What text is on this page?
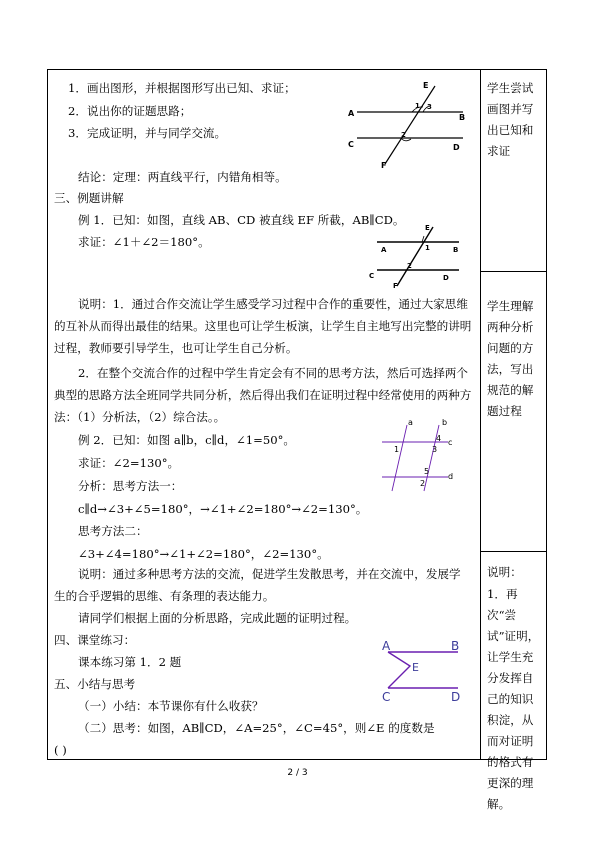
1．画出图形，并根据图形写出已知、求证；
2．说出你的证题思路；
3．完成证明，并与同学交流。
结论：定理：两直线平行，内错角相等。
三、例题讲解
例 1．已知：如图，直线 AB、CD 被直线 EF 所截，AB∥CD。
求证：∠1＋∠2＝180°。
说明：1．通过合作交流让学生感受学习过程中合作的重要性，通过大家思维的互补从而得出最佳的结果。这里也可让学生板演，让学生自主地写出完整的讲明过程，教师要引导学生，也可让学生自己分析。
2．在整个交流合作的过程中学生肯定会有不同的思考方法，然后可选择两个典型的思路方法全班同学共同分析，然后得出我们在证明过程中经常使用的两种方法：（1）分析法，（2）综合法。。
例 2．已知：如图 a∥b，c∥d，∠1=50°。
求证：∠2=130°。
分析：思考方法一：
c∥d→∠3+∠5=180°，→∠1+∠2=180°→∠2=130°。
思考方法二：
∠3+∠4=180°→∠1+∠2=180°，∠2=130°。
说明：通过多种思考方法的交流，促进学生发散思考，并在交流中，发展学生的合乎逻辑的思维、有条理的表达能力。
请同学们根据上面的分析思路，完成此题的证明过程。
四、课堂练习：
课本练习第 1．2 题
五、小结与思考
（一）小结：本节课你有什么收获？
（二）思考：如图，AB∥CD，∠A=25°，∠C=45°，则∠E 的度数是
( )
学生尝试画图并写出已知和求证
学生理解两种分析问题的方法，写出规范的解题过程
说明：
1．再次“尝试”证明，让学生充分发挥自己的知识积淀，从而对证明的格式有更深的理解。
A	B
C	D
E
F
1 3
2
A	B
C	D
E
F
1
2
a	b
c
d
1
4
3
5
2
A	B
C	D
E
2 / 3
